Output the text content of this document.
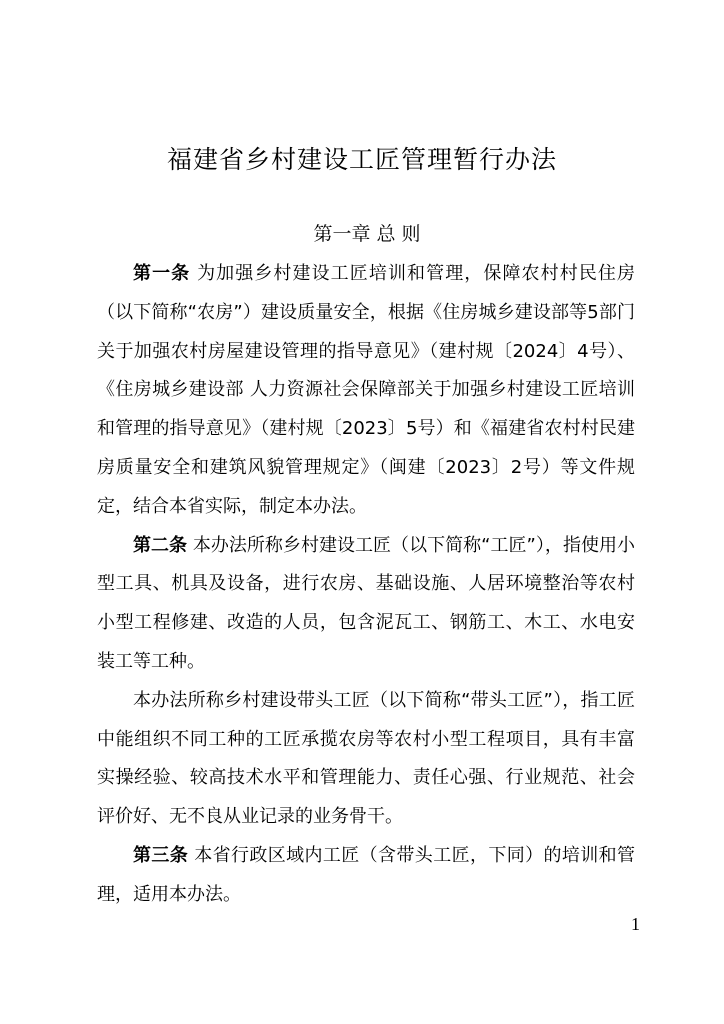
福建省乡村建设工匠管理暂行办法
第一章 总 则

第一条 为加强乡村建设工匠培训和管理，保障农村村民住房（以下简称“农房”）建设质量安全，根据《住房城乡建设部等5部门关于加强农村房屋建设管理的指导意见》（建村规〔2024〕4号）、《住房城乡建设部 人力资源社会保障部关于加强乡村建设工匠培训和管理的指导意见》（建村规〔2023〕5号）和《福建省农村村民建房质量安全和建筑风貌管理规定》（闽建〔2023〕2号）等文件规定，结合本省实际，制定本办法。

第二条 本办法所称乡村建设工匠（以下简称“工匠”），指使用小型工具、机具及设备，进行农房、基础设施、人居环境整治等农村小型工程修建、改造的人员，包含泥瓦工、钢筋工、木工、水电安装工等工种。

本办法所称乡村建设带头工匠（以下简称“带头工匠”），指工匠中能组织不同工种的工匠承揽农房等农村小型工程项目，具有丰富实操经验、较高技术水平和管理能力、责任心强、行业规范、社会评价好、无不良从业记录的业务骨干。

第三条 本省行政区域内工匠（含带头工匠，下同）的培训和管理，适用本办法。

1
